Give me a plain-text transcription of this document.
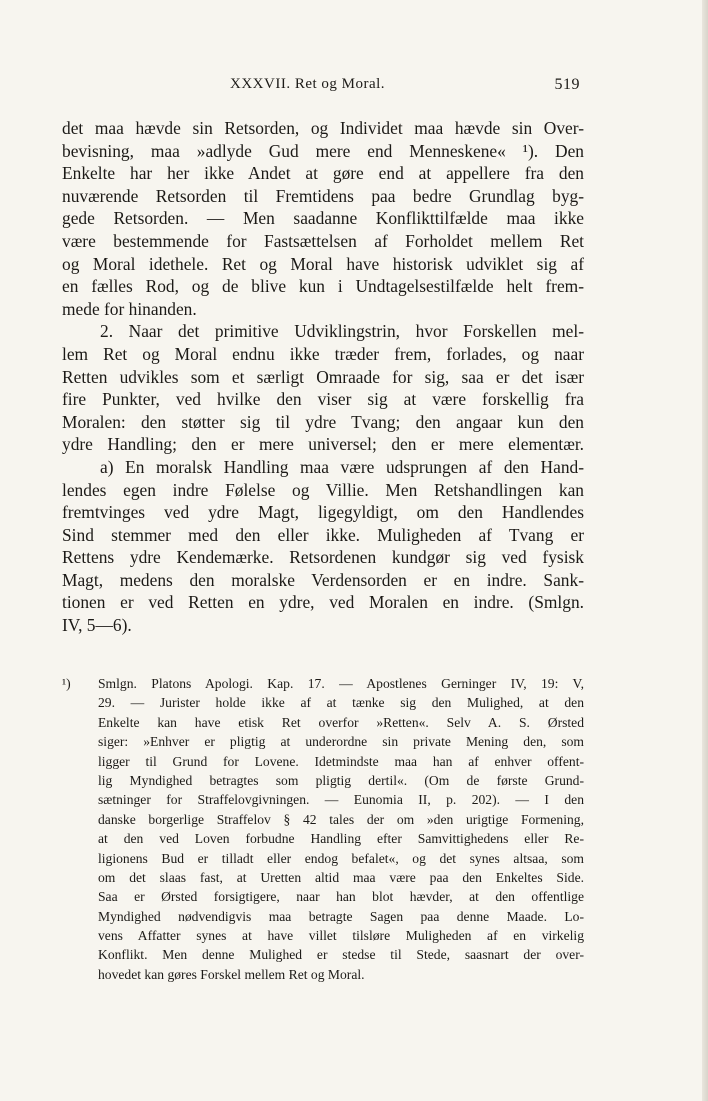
XXXVII. Ret og Moral.	519
det maa hævde sin Retsorden, og Individet maa hævde sin Over-
bevisning, maa »adlyde Gud mere end Menneskene« ¹). Den
Enkelte har her ikke Andet at gøre end at appellere fra den
nuværende Retsorden til Fremtidens paa bedre Grundlag byg-
gede Retsorden. — Men saadanne Konflikttilfælde maa ikke
være bestemmende for Fastsættelsen af Forholdet mellem Ret
og Moral idethele. Ret og Moral have historisk udviklet sig af
en fælles Rod, og de blive kun i Undtagelsestilfælde helt frem-
mede for hinanden.
2. Naar det primitive Udviklingstrin, hvor Forskellen mel-
lem Ret og Moral endnu ikke træder frem, forlades, og naar
Retten udvikles som et særligt Omraade for sig, saa er det især
fire Punkter, ved hvilke den viser sig at være forskellig fra
Moralen: den støtter sig til ydre Tvang; den angaar kun den
ydre Handling; den er mere universel; den er mere elementær.
a) En moralsk Handling maa være udsprungen af den Hand-
lendes egen indre Følelse og Villie. Men Retshandlingen kan
fremtvinges ved ydre Magt, ligegyldigt, om den Handlendes
Sind stemmer med den eller ikke. Muligheden af Tvang er
Rettens ydre Kendemærke. Retsordenen kundgør sig ved fysisk
Magt, medens den moralske Verdensorden er en indre. Sank-
tionen er ved Retten en ydre, ved Moralen en indre. (Smlgn.
IV, 5—6).
¹) Smlgn. Platons Apologi. Kap. 17. — Apostlenes Gerninger IV, 19: V,
29. — Jurister holde ikke af at tænke sig den Mulighed, at den
Enkelte kan have etisk Ret overfor »Retten«. Selv A. S. Ørsted
siger: »Enhver er pligtig at underordne sin private Mening den, som
ligger til Grund for Lovene. Idetmindste maa han af enhver offent-
lig Myndighed betragtes som pligtig dertil«. (Om de første Grund-
sætninger for Straffelovgivningen. — Eunomia II, p. 202). — I den
danske borgerlige Straffelov § 42 tales der om »den urigtige Formening,
at den ved Loven forbudne Handling efter Samvittighedens eller Re-
ligionens Bud er tilladt eller endog befalet«, og det synes altsaa, som
om det slaas fast, at Uretten altid maa være paa den Enkeltes Side.
Saa er Ørsted forsigtigere, naar han blot hævder, at den offentlige
Myndighed nødvendigvis maa betragte Sagen paa denne Maade. Lo-
vens Affatter synes at have villet tilsløre Muligheden af en virkelig
Konflikt. Men denne Mulighed er stedse til Stede, saasnart der over-
hovedet kan gøres Forskel mellem Ret og Moral.
